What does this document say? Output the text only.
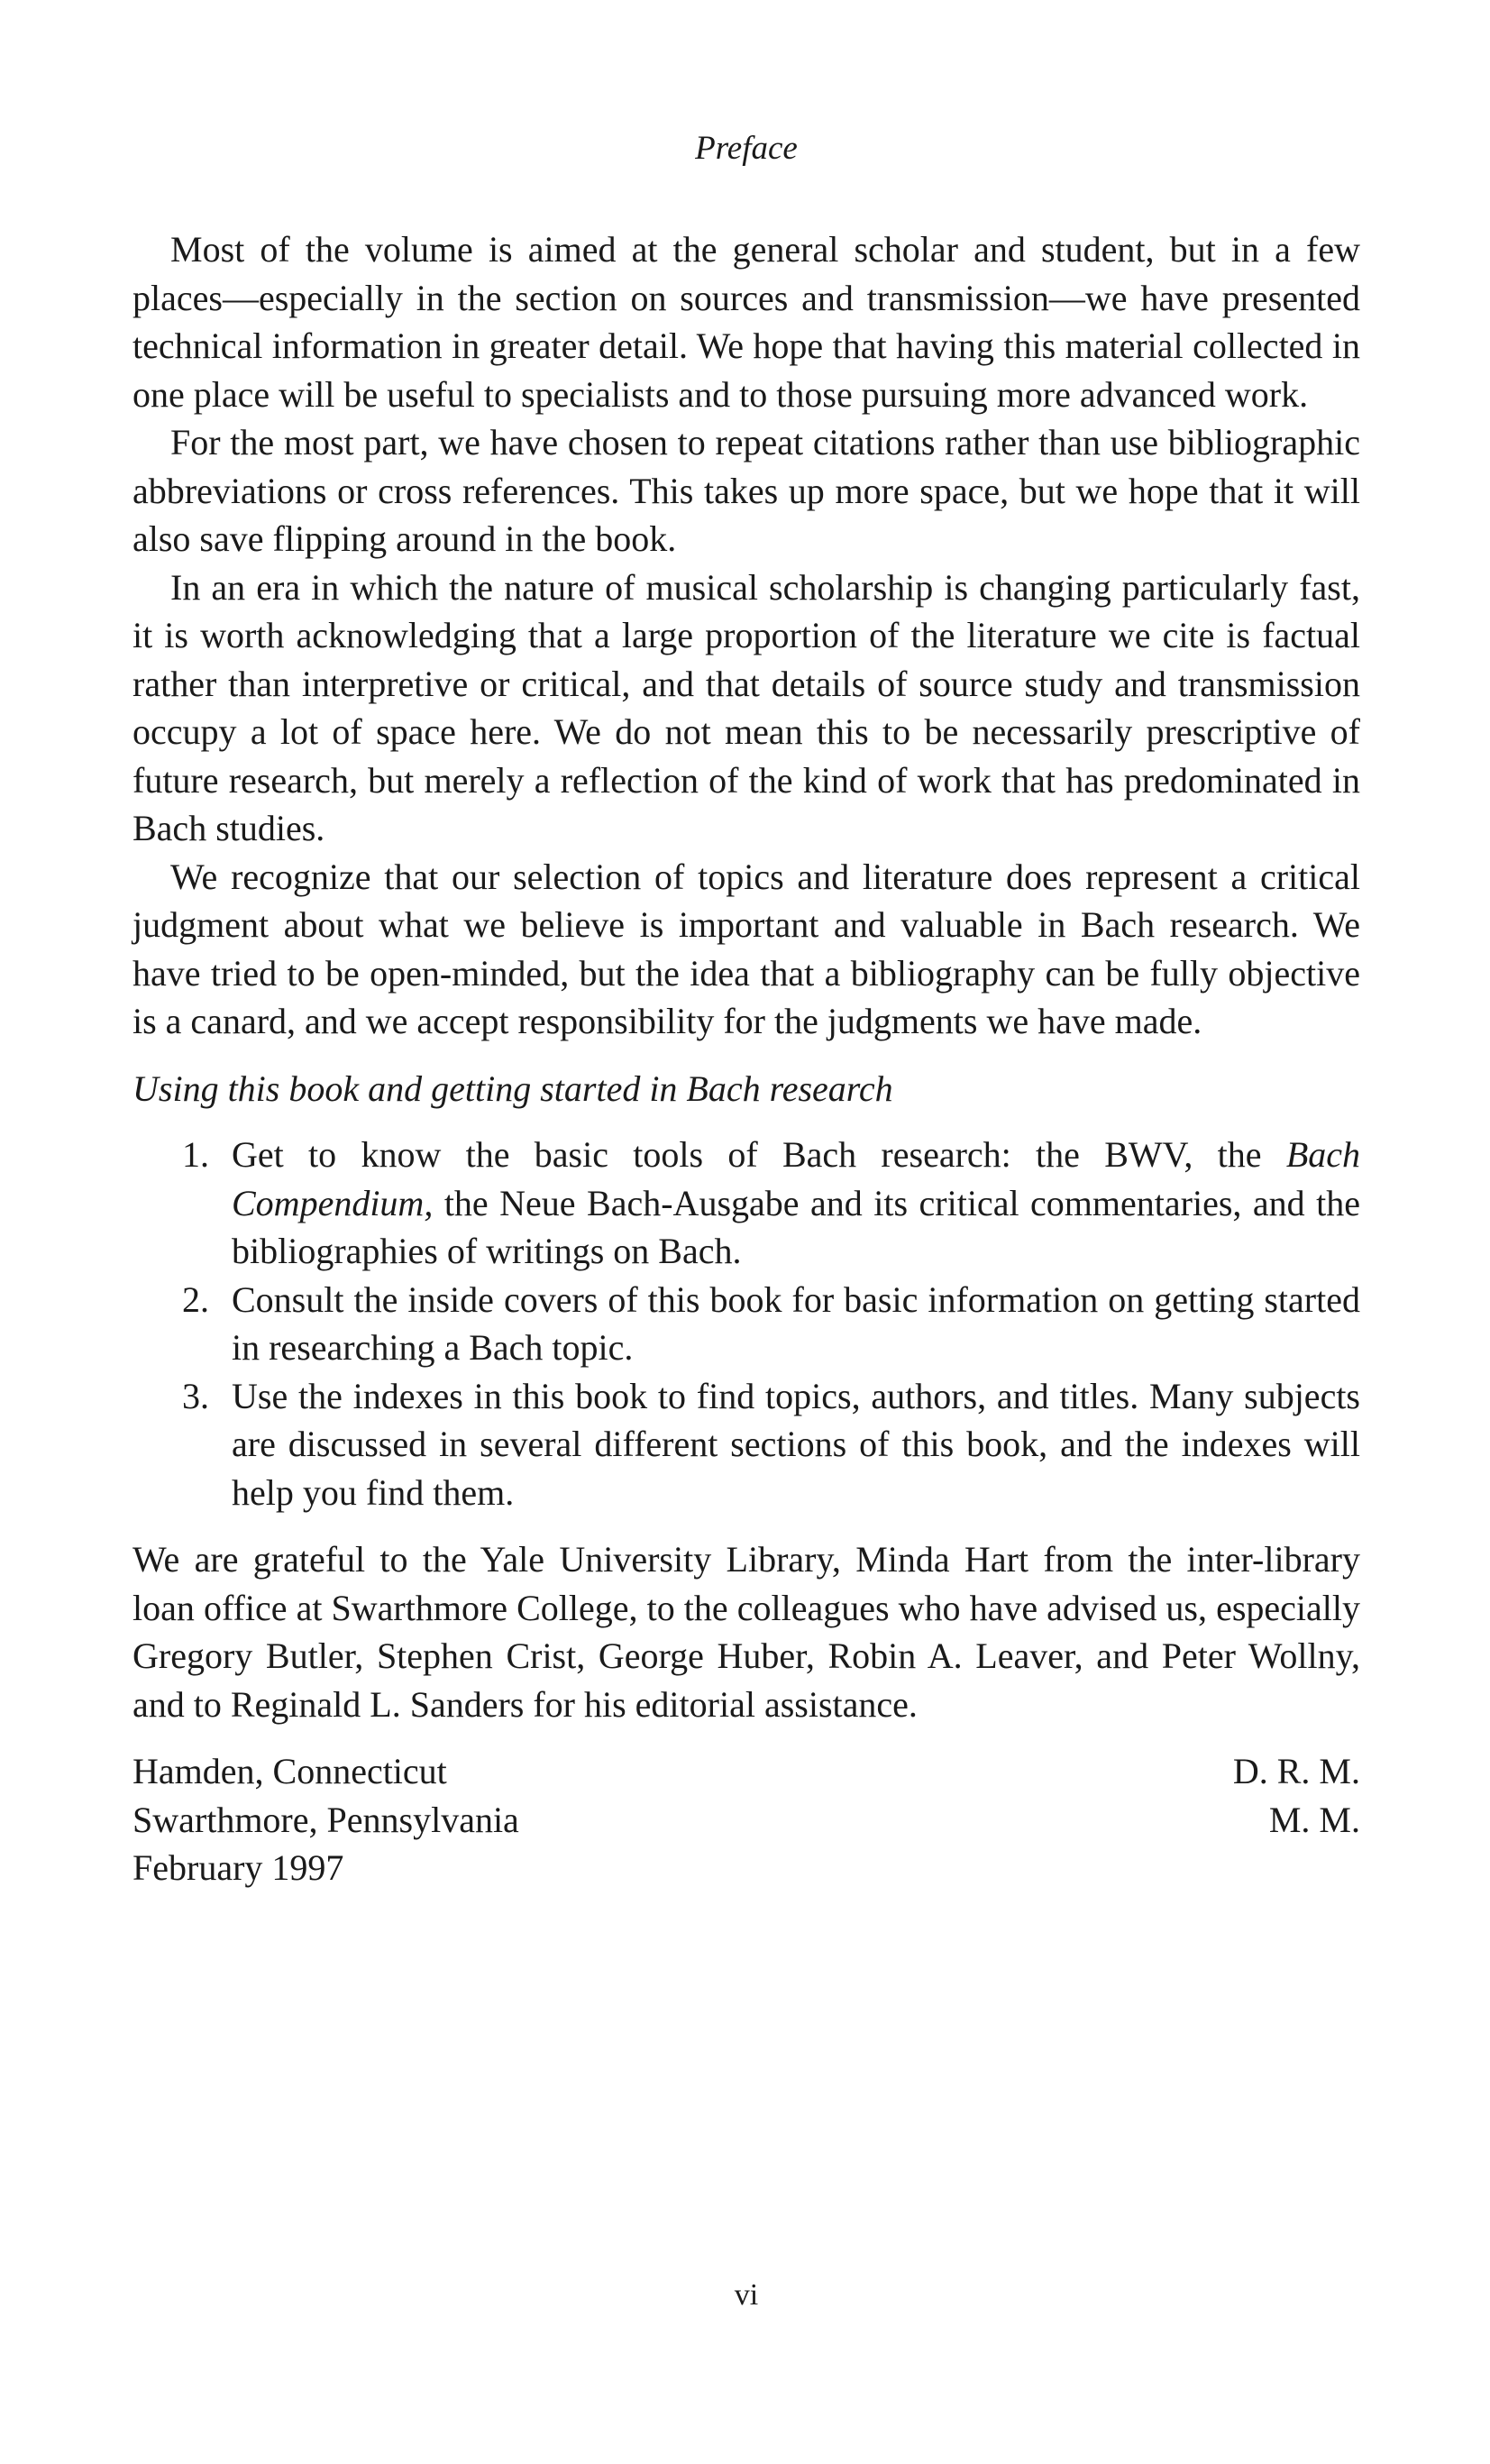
Preface

Most of the volume is aimed at the general scholar and student, but in a few places—especially in the section on sources and transmission—we have presented technical information in greater detail. We hope that having this material collected in one place will be useful to specialists and to those pursuing more advanced work.

For the most part, we have chosen to repeat citations rather than use bibliographic abbreviations or cross references. This takes up more space, but we hope that it will also save flipping around in the book.

In an era in which the nature of musical scholarship is changing particularly fast, it is worth acknowledging that a large proportion of the literature we cite is factual rather than interpretive or critical, and that details of source study and transmission occupy a lot of space here. We do not mean this to be necessarily prescriptive of future research, but merely a reflection of the kind of work that has predominated in Bach studies.

We recognize that our selection of topics and literature does represent a critical judgment about what we believe is important and valuable in Bach research. We have tried to be open-minded, but the idea that a bibliography can be fully objective is a canard, and we accept responsibility for the judgments we have made.

Using this book and getting started in Bach research

1. Get to know the basic tools of Bach research: the BWV, the Bach Compendium, the Neue Bach-Ausgabe and its critical commentaries, and the bibliographies of writings on Bach.
2. Consult the inside covers of this book for basic information on getting started in researching a Bach topic.
3. Use the indexes in this book to find topics, authors, and titles. Many subjects are discussed in several different sections of this book, and the indexes will help you find them.

We are grateful to the Yale University Library, Minda Hart from the inter-library loan office at Swarthmore College, to the colleagues who have advised us, especially Gregory Butler, Stephen Crist, George Huber, Robin A. Leaver, and Peter Wollny, and to Reginald L. Sanders for his editorial assistance.

Hamden, Connecticut
Swarthmore, Pennsylvania
February 1997
D. R. M.
M. M.
vi
